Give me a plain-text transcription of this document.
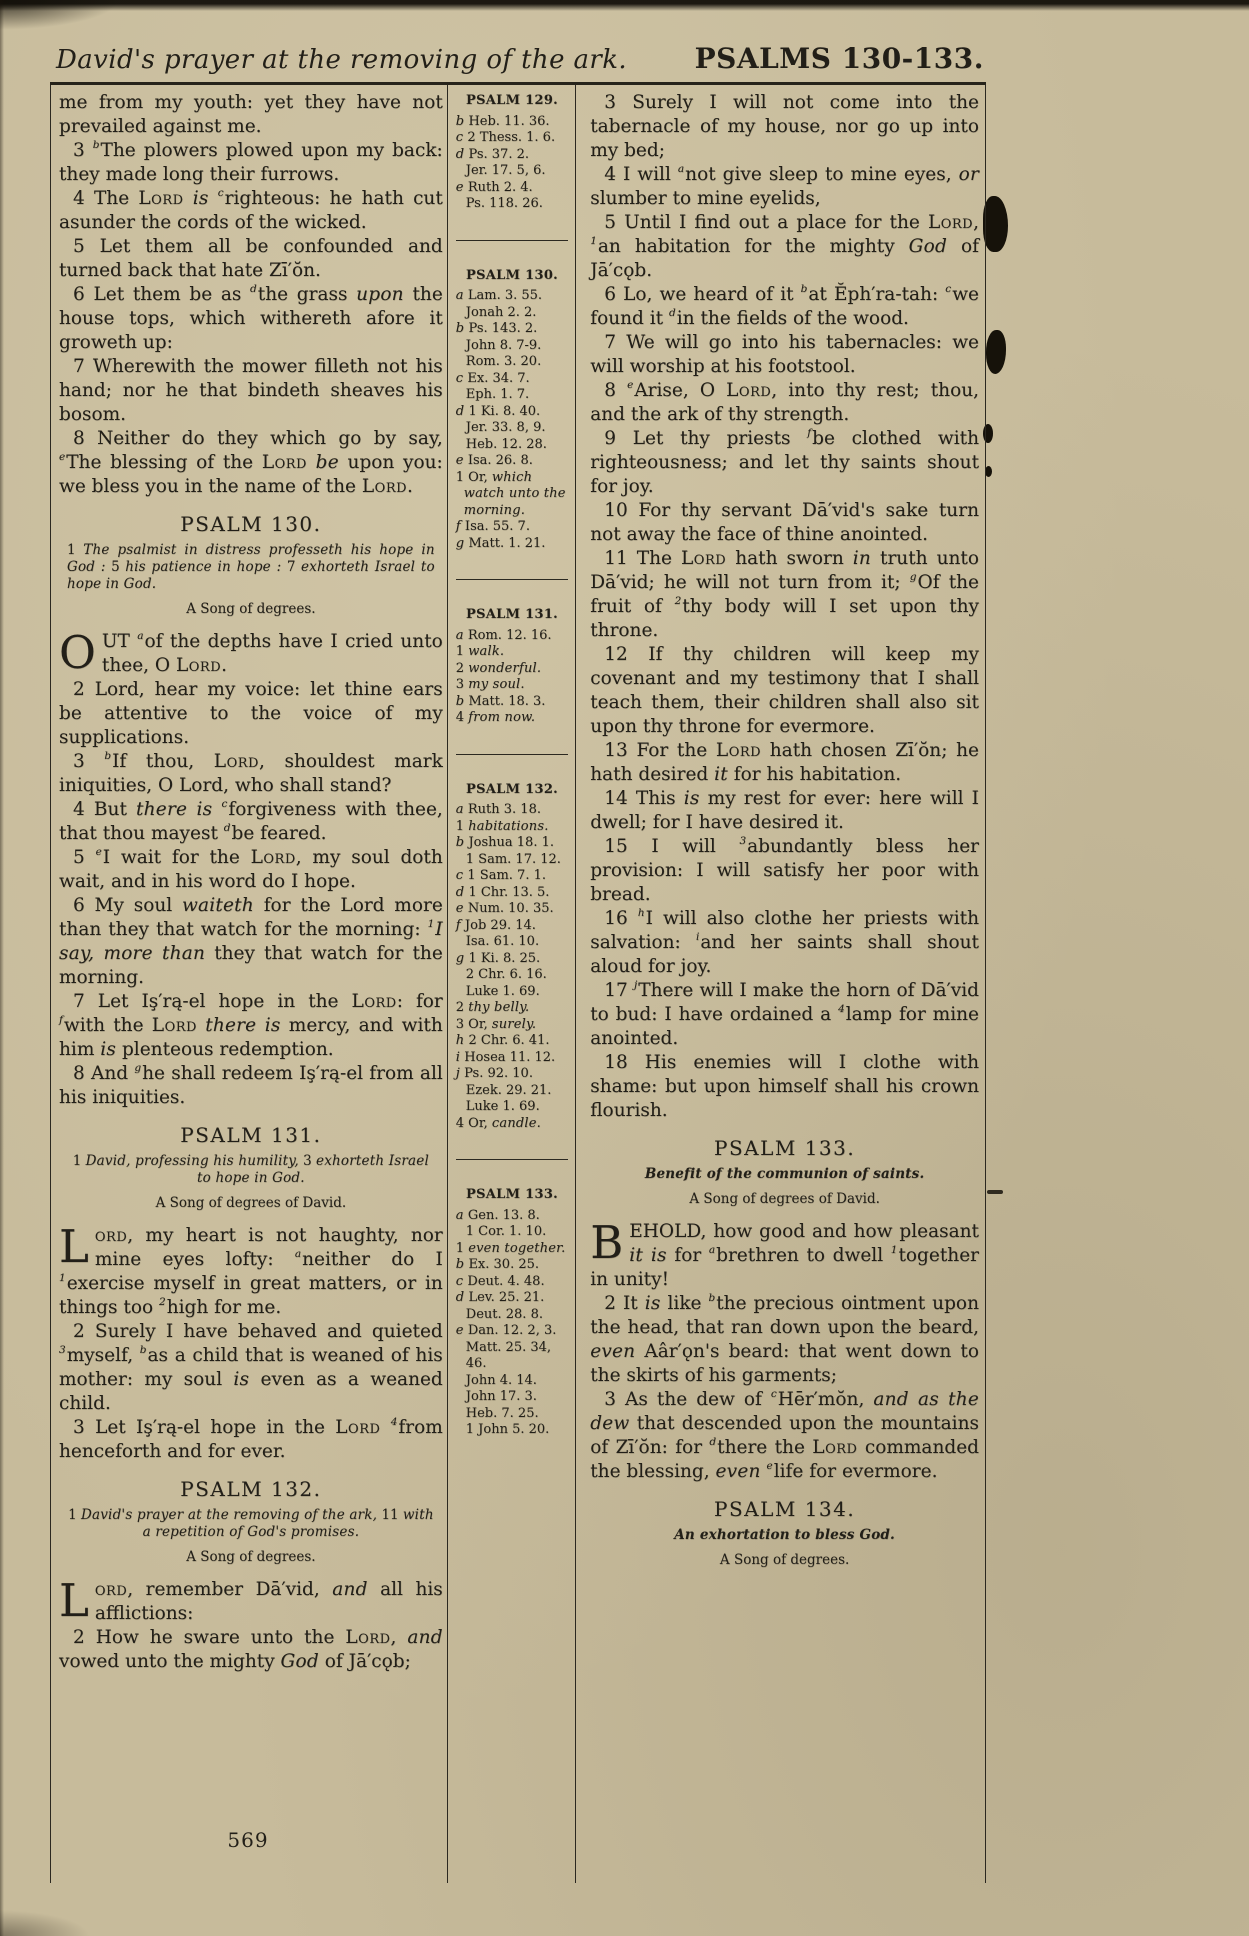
David's prayer at the removing of the ark. PSALMS 130-133.
me from my youth: yet they have not prevailed against me.
3 $^b$The plowers plowed upon my back: they made long their furrows.
4 The Lord is $^c$righteous: he hath cut asunder the cords of the wicked.
5 Let them all be confounded and turned back that hate Zī′ŏn.
6 Let them be as $^d$the grass upon the house tops, which withereth afore it groweth up:
7 Wherewith the mower filleth not his hand; nor he that bindeth sheaves his bosom.
8 Neither do they which go by say, $^e$The blessing of the Lord be upon you: we bless you in the name of the Lord.
PSALM 130.
1 The psalmist in distress professeth his hope in God : 5 his patience in hope : 7 exhorteth Israel to hope in God.
A Song of degrees.
OUT $^a$of the depths have I cried unto thee, O Lord.
2 Lord, hear my voice: let thine ears be attentive to the voice of my supplications.
3 $^b$If thou, Lord, shouldest mark iniquities, O Lord, who shall stand?
4 But there is $^c$forgiveness with thee, that thou mayest $^d$be feared.
5 $^e$I wait for the Lord, my soul doth wait, and in his word do I hope.
6 My soul waiteth for the Lord more than they that watch for the morning: $^1$I say, more than they that watch for the morning.
7 Let Iş′rą-el hope in the Lord: for $^f$with the Lord there is mercy, and with him is plenteous redemption.
8 And $^g$he shall redeem Iş′rą-el from all his iniquities.
PSALM 131.
1 David, professing his humility, 3 exhorteth Israel to hope in God.
A Song of degrees of David.
Lord, my heart is not haughty, nor mine eyes lofty: $^a$neither do I $^1$exercise myself in great matters, or in things too $^2$high for me.
2 Surely I have behaved and quieted $^3$myself, $^b$as a child that is weaned of his mother: my soul is even as a weaned child.
3 Let Iş′rą-el hope in the Lord $^4$from henceforth and for ever.
PSALM 132.
1 David's prayer at the removing of the ark, 11 with a repetition of God's promises.
A Song of degrees.
Lord, remember Dā′vid, and all his afflictions:
2 How he sware unto the Lord, and vowed unto the mighty God of Jā′cǫb;
PSALM 129.
b Heb. 11. 36.
c 2 Thess. 1. 6.
d Ps. 37. 2.
Jer. 17. 5, 6.
e Ruth 2. 4.
Ps. 118. 26.
PSALM 130.
a Lam. 3. 55.
Jonah 2. 2.
b Ps. 143. 2.
John 8. 7-9.
Rom. 3. 20.
c Ex. 34. 7.
Eph. 1. 7.
d 1 Ki. 8. 40.
Jer. 33. 8, 9.
Heb. 12. 28.
e Isa. 26. 8.
1 Or, which watch unto the morning.
f Isa. 55. 7.
g Matt. 1. 21.
PSALM 131.
a Rom. 12. 16.
1 walk.
2 wonderful.
3 my soul.
b Matt. 18. 3.
4 from now.
PSALM 132.
a Ruth 3. 18.
1 habitations.
b Joshua 18. 1.
1 Sam. 17. 12.
c 1 Sam. 7. 1.
d 1 Chr. 13. 5.
e Num. 10. 35.
f Job 29. 14.
Isa. 61. 10.
g 1 Ki. 8. 25.
2 Chr. 6. 16.
Luke 1. 69.
2 thy belly.
3 Or, surely.
h 2 Chr. 6. 41.
i Hosea 11. 12.
j Ps. 92. 10.
Ezek. 29. 21.
Luke 1. 69.
4 Or, candle.
PSALM 133.
a Gen. 13. 8.
1 Cor. 1. 10.
1 even together.
b Ex. 30. 25.
c Deut. 4. 48.
d Lev. 25. 21.
Deut. 28. 8.
e Dan. 12. 2, 3.
Matt. 25. 34, 46.
John 4. 14.
John 17. 3.
Heb. 7. 25.
1 John 5. 20.
3 Surely I will not come into the tabernacle of my house, nor go up into my bed;
4 I will $^a$not give sleep to mine eyes, or slumber to mine eyelids,
5 Until I find out a place for the Lord, $^1$an habitation for the mighty God of Jā′cǫb.
6 Lo, we heard of it $^b$at Ĕph′ra-tah: $^c$we found it $^d$in the fields of the wood.
7 We will go into his tabernacles: we will worship at his footstool.
8 $^e$Arise, O Lord, into thy rest; thou, and the ark of thy strength.
9 Let thy priests $^f$be clothed with righteousness; and let thy saints shout for joy.
10 For thy servant Dā′vid's sake turn not away the face of thine anointed.
11 The Lord hath sworn in truth unto Dā′vid; he will not turn from it; $^g$Of the fruit of $^2$thy body will I set upon thy throne.
12 If thy children will keep my covenant and my testimony that I shall teach them, their children shall also sit upon thy throne for evermore.
13 For the Lord hath chosen Zī′ŏn; he hath desired it for his habitation.
14 This is my rest for ever: here will I dwell; for I have desired it.
15 I will $^3$abundantly bless her provision: I will satisfy her poor with bread.
16 $^h$I will also clothe her priests with salvation: $^i$and her saints shall shout aloud for joy.
17 $^j$There will I make the horn of Dā′vid to bud: I have ordained a $^4$lamp for mine anointed.
18 His enemies will I clothe with shame: but upon himself shall his crown flourish.
PSALM 133.
Benefit of the communion of saints.
A Song of degrees of David.
BEHOLD, how good and how pleasant it is for $^a$brethren to dwell $^1$together in unity!
2 It is like $^b$the precious ointment upon the head, that ran down upon the beard, even Aâr′ǫn's beard: that went down to the skirts of his garments;
3 As the dew of $^c$Hēr′mŏn, and as the dew that descended upon the mountains of Zī′ŏn: for $^d$there the Lord commanded the blessing, even $^e$life for evermore.
PSALM 134.
An exhortation to bless God.
A Song of degrees.
569
